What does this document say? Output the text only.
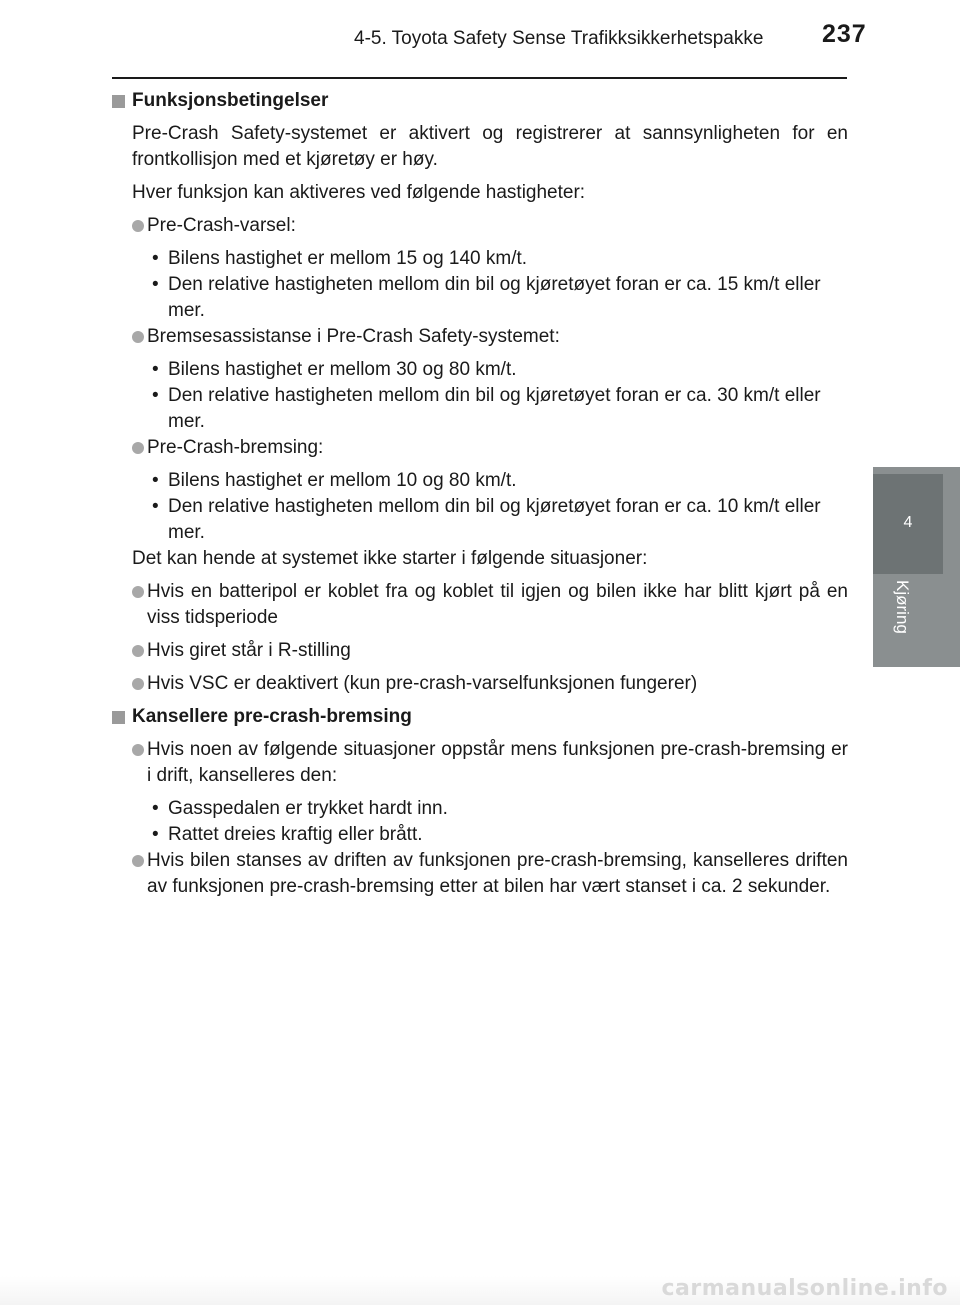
4-5. Toyota Safety Sense Trafikksikkerhetspakke 237
4
Kjøring
Funksjonsbetingelser
Pre-Crash Safety-systemet er aktivert og registrerer at sannsynligheten for en frontkollisjon med et kjøretøy er høy.
Hver funksjon kan aktiveres ved følgende hastigheter:
Pre-Crash-varsel:
• Bilens hastighet er mellom 15 og 140 km/t.
• Den relative hastigheten mellom din bil og kjøretøyet foran er ca. 15 km/t eller mer.
Bremsesassistanse i Pre-Crash Safety-systemet:
• Bilens hastighet er mellom 30 og 80 km/t.
• Den relative hastigheten mellom din bil og kjøretøyet foran er ca. 30 km/t eller mer.
Pre-Crash-bremsing:
• Bilens hastighet er mellom 10 og 80 km/t.
• Den relative hastigheten mellom din bil og kjøretøyet foran er ca. 10 km/t eller mer.
Det kan hende at systemet ikke starter i følgende situasjoner:
Hvis en batteripol er koblet fra og koblet til igjen og bilen ikke har blitt kjørt på en viss tidsperiode
Hvis giret står i R-stilling
Hvis VSC er deaktivert (kun pre-crash-varselfunksjonen fungerer)
Kansellere pre-crash-bremsing
Hvis noen av følgende situasjoner oppstår mens funksjonen pre-crash-bremsing er i drift, kanselleres den:
• Gasspedalen er trykket hardt inn.
• Rattet dreies kraftig eller brått.
Hvis bilen stanses av driften av funksjonen pre-crash-bremsing, kanselleres driften av funksjonen pre-crash-bremsing etter at bilen har vært stanset i ca. 2 sekunder.
carmanualsonline.info
